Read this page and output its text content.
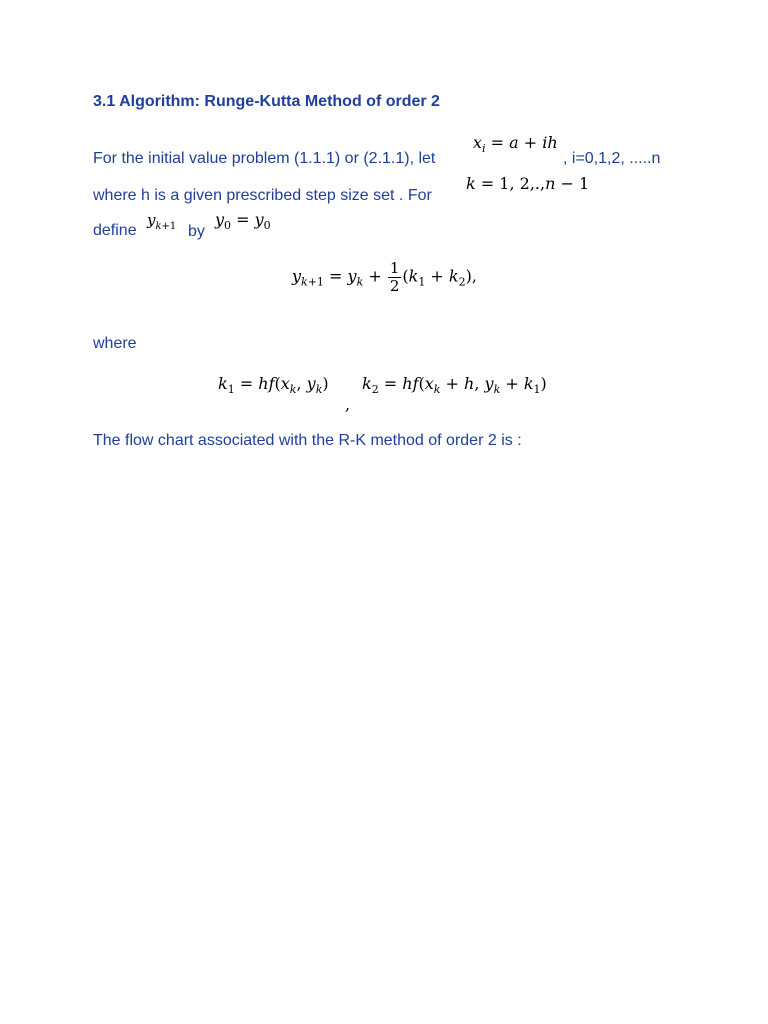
3.1 Algorithm: Runge-Kutta Method of order 2
For the initial value problem (1.1.1) or (2.1.1), let
$x_i = a$ + ih
, i=0,1,2, .....n
k = 1, 2,.,n − 1
where h is a given prescribed step size set . For
define
$y_{k+1}$ by
$y_0 = y_0$
$y_{k+1} = y_k + \frac{1}{2} (k_1 + k_2)$,
where
$k_1 = hf(x_k$, $y_k$)
,
$k_2 = hf(x_k + h$, $y_k + k_1$)
The flow chart associated with the R-K method of order 2 is :
